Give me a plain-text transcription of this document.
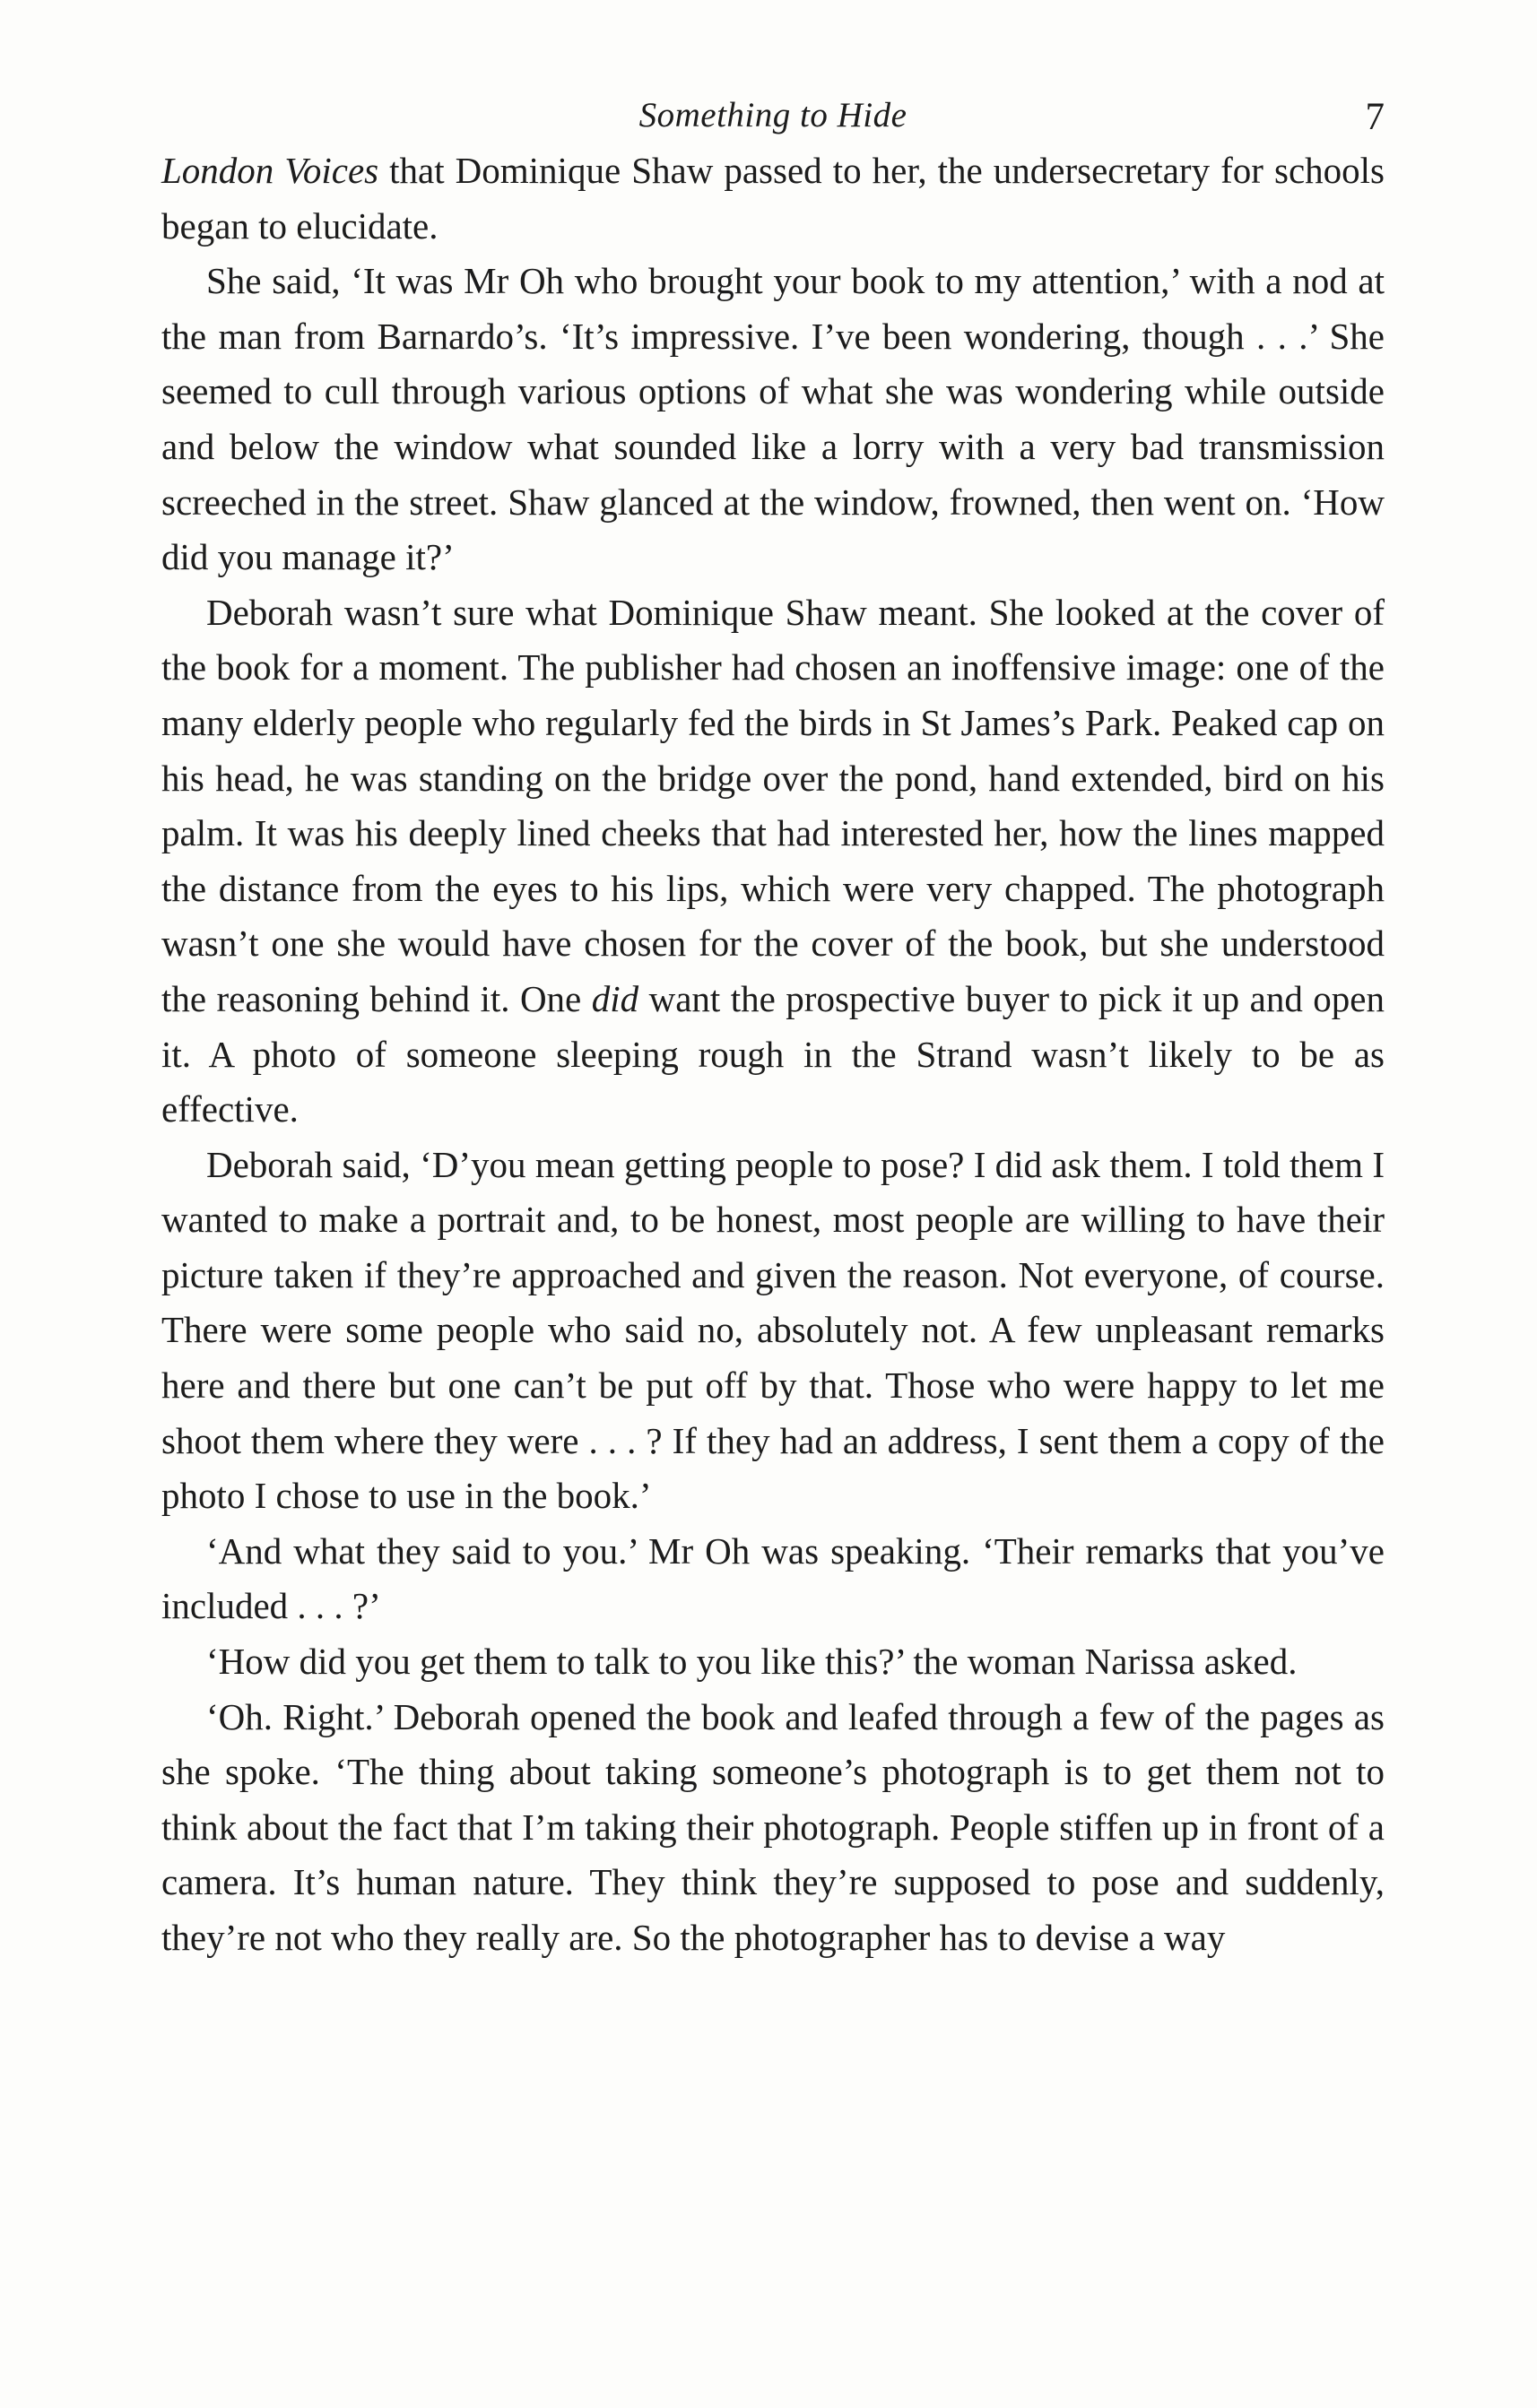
Something to Hide	7

London Voices that Dominique Shaw passed to her, the undersecretary for schools began to elucidate.

She said, ‘It was Mr Oh who brought your book to my attention,’ with a nod at the man from Barnardo’s. ‘It’s impressive. I’ve been wondering, though . . .’ She seemed to cull through various options of what she was wondering while outside and below the window what sounded like a lorry with a very bad transmission screeched in the street. Shaw glanced at the window, frowned, then went on. ‘How did you manage it?’

Deborah wasn’t sure what Dominique Shaw meant. She looked at the cover of the book for a moment. The publisher had chosen an inoffensive image: one of the many elderly people who regularly fed the birds in St James’s Park. Peaked cap on his head, he was standing on the bridge over the pond, hand extended, bird on his palm. It was his deeply lined cheeks that had interested her, how the lines mapped the distance from the eyes to his lips, which were very chapped. The photograph wasn’t one she would have chosen for the cover of the book, but she understood the reasoning behind it. One did want the prospective buyer to pick it up and open it. A photo of someone sleeping rough in the Strand wasn’t likely to be as effective.

Deborah said, ‘D’you mean getting people to pose? I did ask them. I told them I wanted to make a portrait and, to be honest, most people are willing to have their picture taken if they’re approached and given the reason. Not everyone, of course. There were some people who said no, absolutely not. A few unpleasant remarks here and there but one can’t be put off by that. Those who were happy to let me shoot them where they were . . . ? If they had an address, I sent them a copy of the photo I chose to use in the book.’

‘And what they said to you.’ Mr Oh was speaking. ‘Their remarks that you’ve included . . . ?’

‘How did you get them to talk to you like this?’ the woman Narissa asked.

‘Oh. Right.’ Deborah opened the book and leafed through a few of the pages as she spoke. ‘The thing about taking someone’s photograph is to get them not to think about the fact that I’m taking their photograph. People stiffen up in front of a camera. It’s human nature. They think they’re supposed to pose and suddenly, they’re not who they really are. So the photographer has to devise a way
